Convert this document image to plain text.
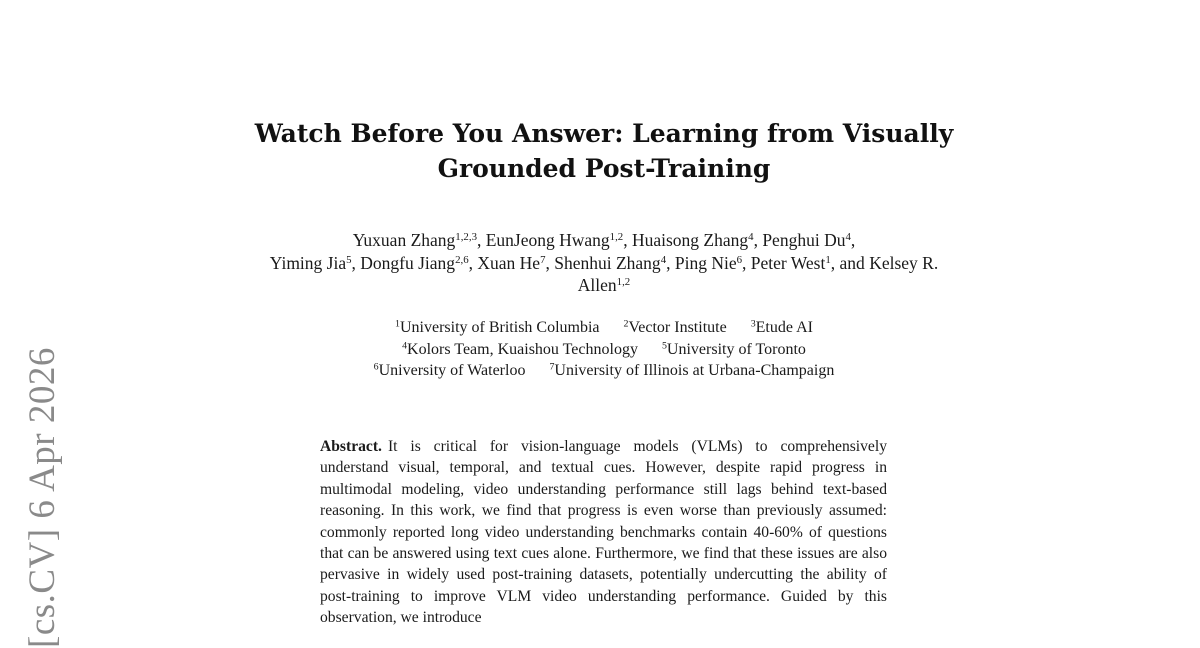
[cs.CV] 6 Apr 2026
Watch Before You Answer: Learning from Visually Grounded Post-Training
Yuxuan Zhang$^{1,2,3}$, EunJeong Hwang$^{1,2}$, Huaisong Zhang$^4$, Penghui Du$^4$,
Yiming Jia$^5$, Dongfu Jiang$^{2,6}$, Xuan He$^7$, Shenhui Zhang$^4$, Ping Nie$^6$, Peter West$^1$, and Kelsey R. Allen$^{1,2}$
$^1$University of British Columbia $^2$Vector Institute $^3$Etude AI
$^4$Kolors Team, Kuaishou Technology $^5$University of Toronto
$^6$University of Waterloo $^7$University of Illinois at Urbana-Champaign
Abstract. It is critical for vision-language models (VLMs) to comprehensively understand visual, temporal, and textual cues. However, despite rapid progress in multimodal modeling, video understanding performance still lags behind text-based reasoning. In this work, we find that progress is even worse than previously assumed: commonly reported long video understanding benchmarks contain 40-60% of questions that can be answered using text cues alone. Furthermore, we find that these issues are also pervasive in widely used post-training datasets, potentially undercutting the ability of post-training to improve VLM video understanding performance. Guided by this observation, we introduce
